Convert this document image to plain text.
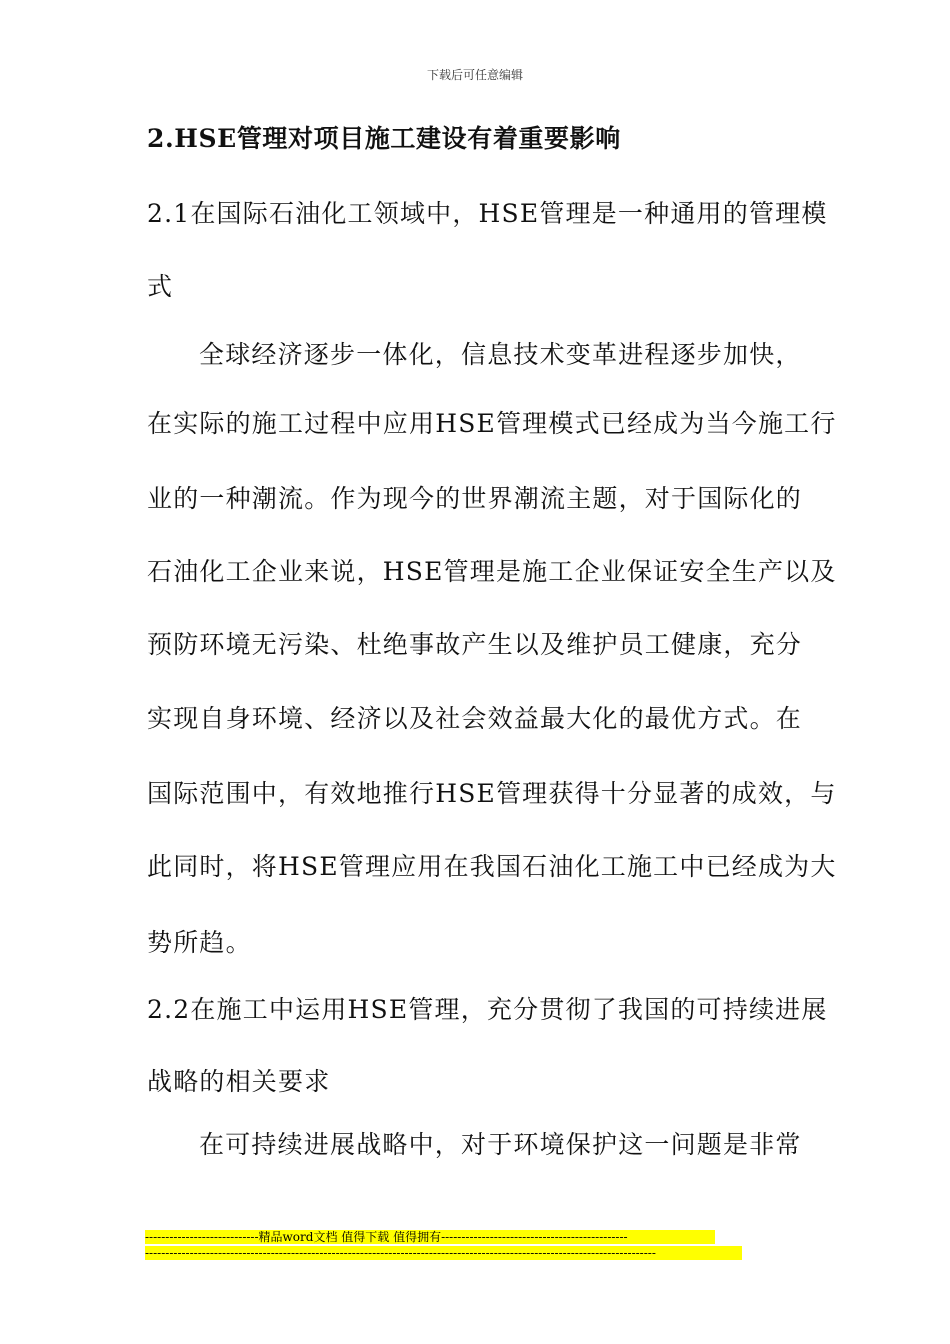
下载后可任意编辑
2.HSE管理对项目施工建设有着重要影响
2.1在国际石油化工领域中，HSE管理是一种通用的管理模
式
全球经济逐步一体化，信息技术变革进程逐步加快，
在实际的施工过程中应用HSE管理模式已经成为当今施工行
业的一种潮流。作为现今的世界潮流主题，对于国际化的
石油化工企业来说，HSE管理是施工企业保证安全生产以及
预防环境无污染、杜绝事故产生以及维护员工健康，充分
实现自身环境、经济以及社会效益最大化的最优方式。在
国际范围中，有效地推行HSE管理获得十分显著的成效，与
此同时，将HSE管理应用在我国石油化工施工中已经成为大
势所趋。
2.2在施工中运用HSE管理，充分贯彻了我国的可持续进展
战略的相关要求
在可持续进展战略中，对于环境保护这一问题是非常
----------------------------精品word文档 值得下载 值得拥有----------------------------------------------
------------------------------------------------------------------------------------------------------------------------------
